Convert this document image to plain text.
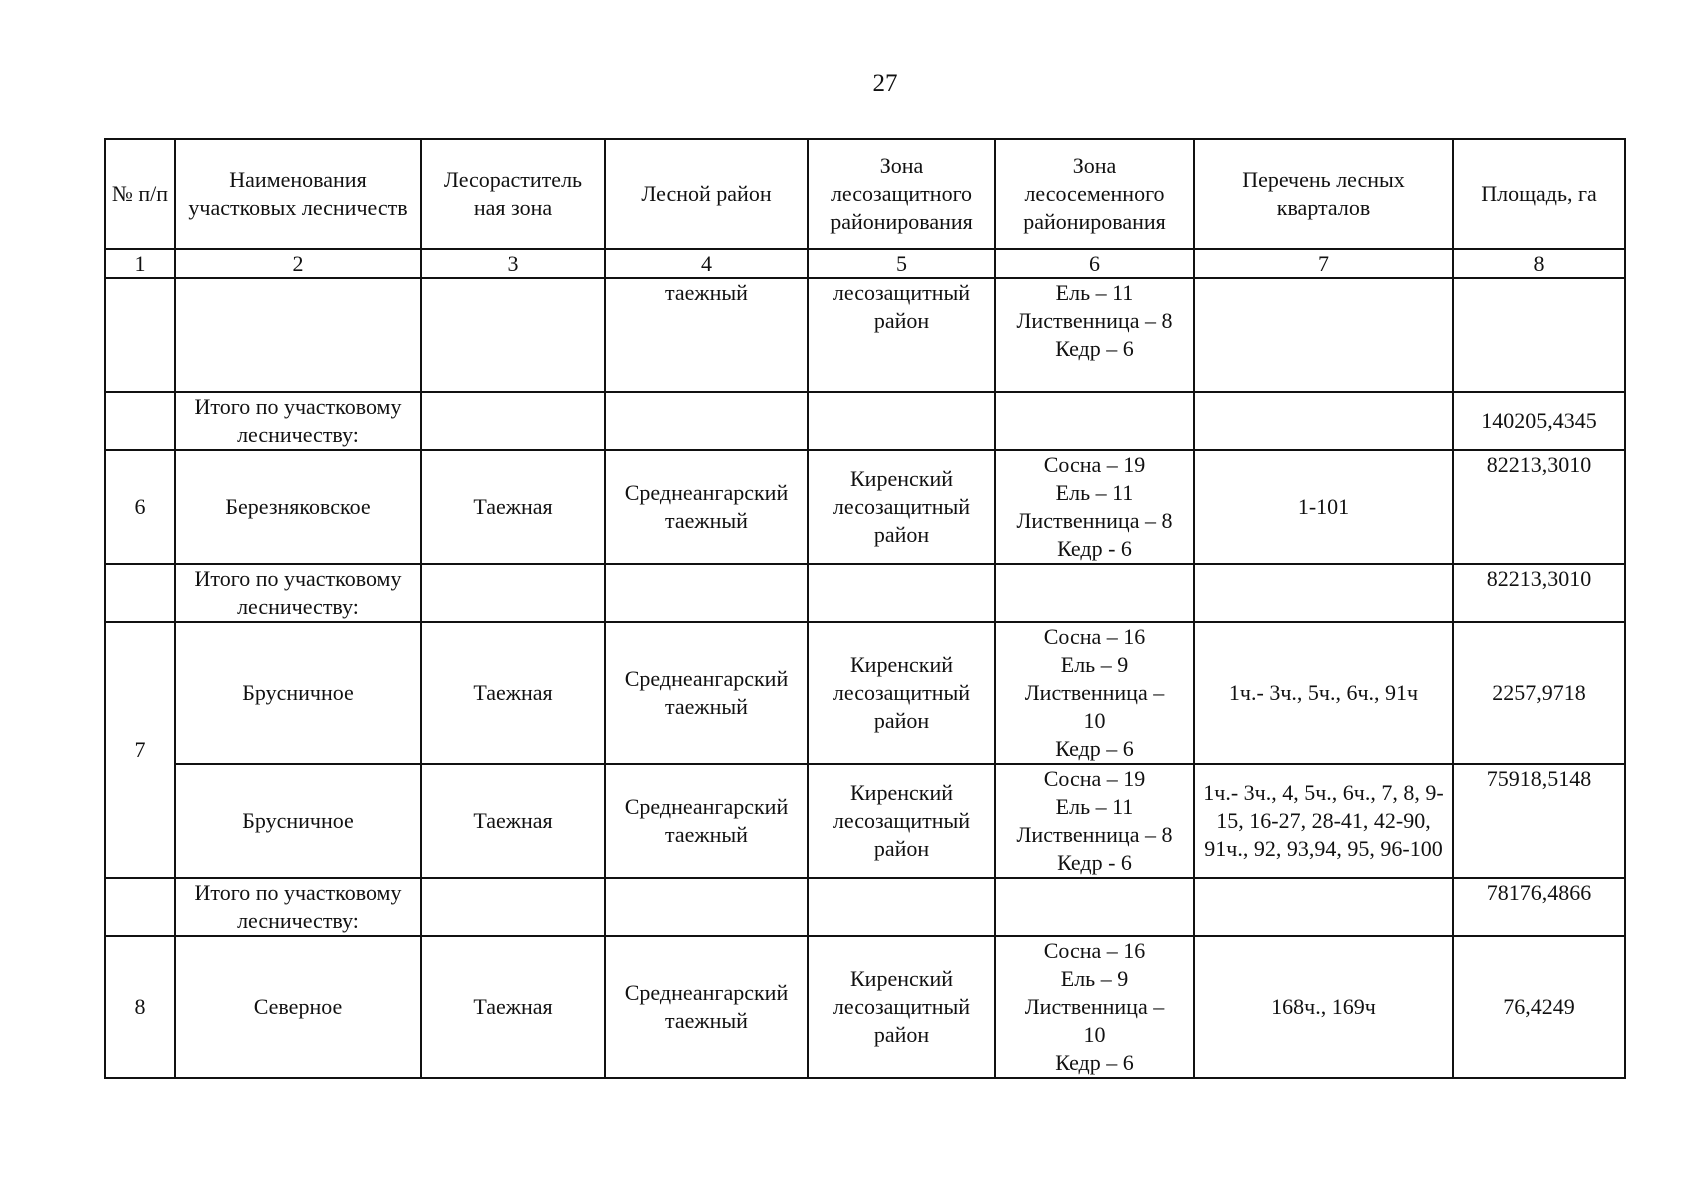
27
№ п/п	Наименования участковых лесничеств	Лесораститель ная зона	Лесной район	Зона лесозащитного районирования	Зона лесосеменного районирования	Перечень лесных кварталов	Площадь, га
1	2	3	4	5	6	7	8
			таежный	лесозащитный район	Ель – 11
Лиственница – 8
Кедр – 6		

	Итого по участковому лесничеству:						140205,4345
6	Березняковское	Таежная	Среднеангарский таежный	Киренский лесозащитный район	Сосна – 19
Ель – 11
Лиственница – 8
Кедр - 6	1-101	82213,3010
	Итого по участковому лесничеству:						82213,3010
7	Брусничное	Таежная	Среднеангарский таежный	Киренский лесозащитный район	Сосна – 16
Ель – 9
Лиственница –
10
Кедр – 6	1ч.- 3ч., 5ч., 6ч., 91ч	2257,9718
	Брусничное	Таежная	Среднеангарский таежный	Киренский лесозащитный район	Сосна – 19
Ель – 11
Лиственница – 8
Кедр - 6	1ч.- 3ч., 4, 5ч., 6ч., 7, 8, 9-15, 16-27, 28-41, 42-90, 91ч., 92, 93,94, 95, 96-100	75918,5148
	Итого по участковому лесничеству:						78176,4866
8	Северное	Таежная	Среднеангарский таежный	Киренский лесозащитный район	Сосна – 16
Ель – 9
Лиственница –
10
Кедр – 6	168ч., 169ч	76,4249
